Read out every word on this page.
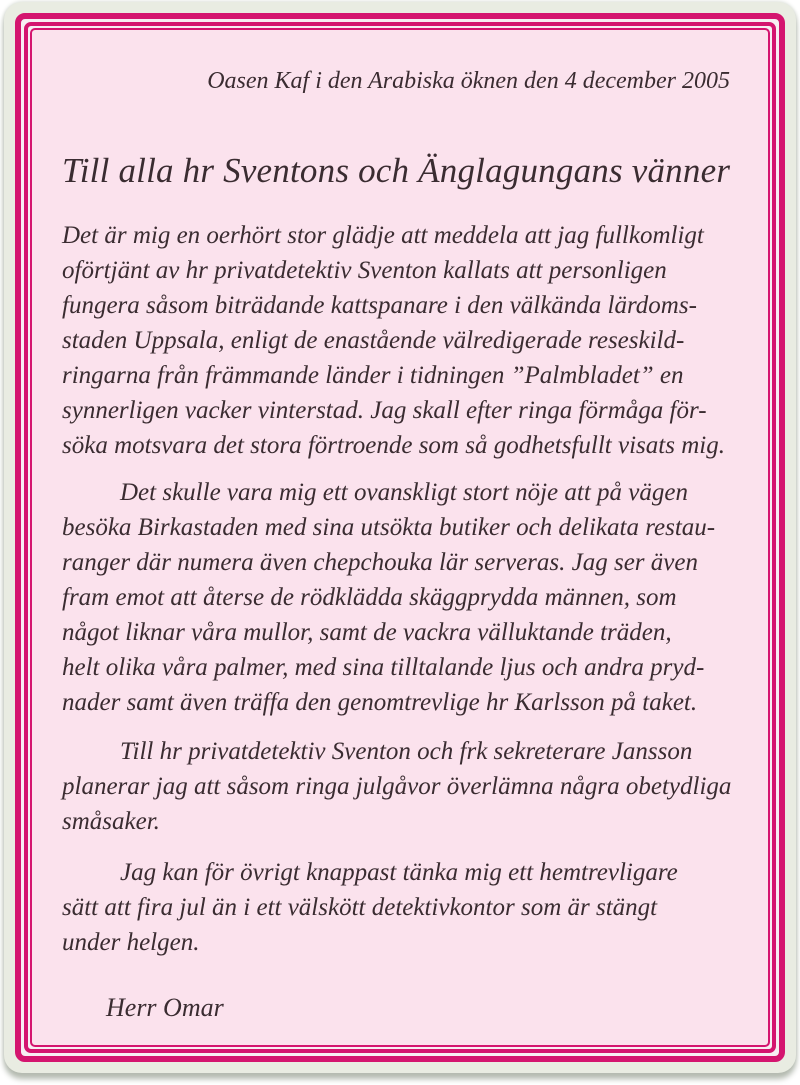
Oasen Kaf i den Arabiska öknen den 4 december 2005
Till alla hr Sventons och Änglagungans vänner
Det är mig en oerhört stor glädje att meddela att jag fullkomligt
oförtjänt av hr privatdetektiv Sventon kallats att personligen
fungera såsom biträdande kattspanare i den välkända lärdoms-
staden Uppsala, enligt de enastående välredigerade reseskild-
ringarna från främmande länder i tidningen ”Palmbladet” en
synnerligen vacker vinterstad. Jag skall efter ringa förmåga för-
söka motsvara det stora förtroende som så godhetsfullt visats mig.
Det skulle vara mig ett ovanskligt stort nöje att på vägen
besöka Birkastaden med sina utsökta butiker och delikata restau-
ranger där numera även chepchouka lär serveras. Jag ser även
fram emot att återse de rödklädda skäggprydda männen, som
något liknar våra mullor, samt de vackra välluktande träden,
helt olika våra palmer, med sina tilltalande ljus och andra pryd-
nader samt även träffa den genomtrevlige hr Karlsson på taket.
Till hr privatdetektiv Sventon och frk sekreterare Jansson
planerar jag att såsom ringa julgåvor överlämna några obetydliga
småsaker.
Jag kan för övrigt knappast tänka mig ett hemtrevligare
sätt att fira jul än i ett välskött detektivkontor som är stängt
under helgen.
Herr Omar
